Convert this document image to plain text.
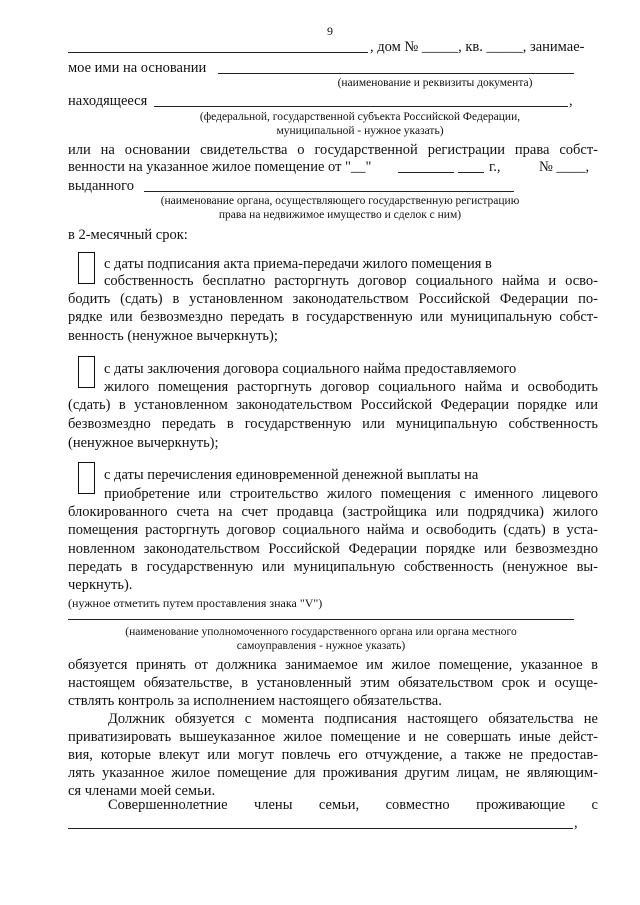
9
, дом № _____, кв. _____, занимае-
мое ими на основании
(наименование и реквизиты документа)
находящееся	,
(федеральной, государственной субъекта Российской Федерации,
муниципальной - нужное указать)
или на основании свидетельства о государственной регистрации права собст-
венности на указанное жилое помещение от "__"	г.,	№ ____,
выданного
(наименование органа, осуществляющего государственную регистрацию
права на недвижимое имущество и сделок с ним)
в 2-месячный срок:
с даты подписания акта приема-передачи жилого помещения в
собственность бесплатно расторгнуть договор социального найма и осво-
бодить (сдать) в установленном законодательством Российской Федерации по-
рядке или безвозмездно передать в государственную или муниципальную собст-
венность (ненужное вычеркнуть);
с даты заключения договора социального найма предоставляемого
жилого помещения расторгнуть договор социального найма и освободить
(сдать) в установленном законодательством Российской Федерации порядке или
безвозмездно передать в государственную или муниципальную собственность
(ненужное вычеркнуть);
с даты перечисления единовременной денежной выплаты на
приобретение или строительство жилого помещения с именного лицевого
блокированного счета на счет продавца (застройщика или подрядчика) жилого
помещения расторгнуть договор социального найма и освободить (сдать) в уста-
новленном законодательством Российской Федерации порядке или безвозмездно
передать в государственную или муниципальную собственность (ненужное вы-
черкнуть).
(нужное отметить путем проставления знака "V")
(наименование уполномоченного государственного органа или органа местного
самоуправления - нужное указать)
обязуется принять от должника занимаемое им жилое помещение, указанное в
настоящем обязательстве, в установленный этим обязательством срок и осуще-
ствлять контроль за исполнением настоящего обязательства.
Должник обязуется с момента подписания настоящего обязательства не
приватизировать вышеуказанное жилое помещение и не совершать иные дейст-
вия, которые влекут или могут повлечь его отчуждение, а также не предостав-
лять указанное жилое помещение для проживания другим лицам, не являющим-
ся членами моей семьи.
Совершеннолетние члены семьи, совместно проживающие с
,
